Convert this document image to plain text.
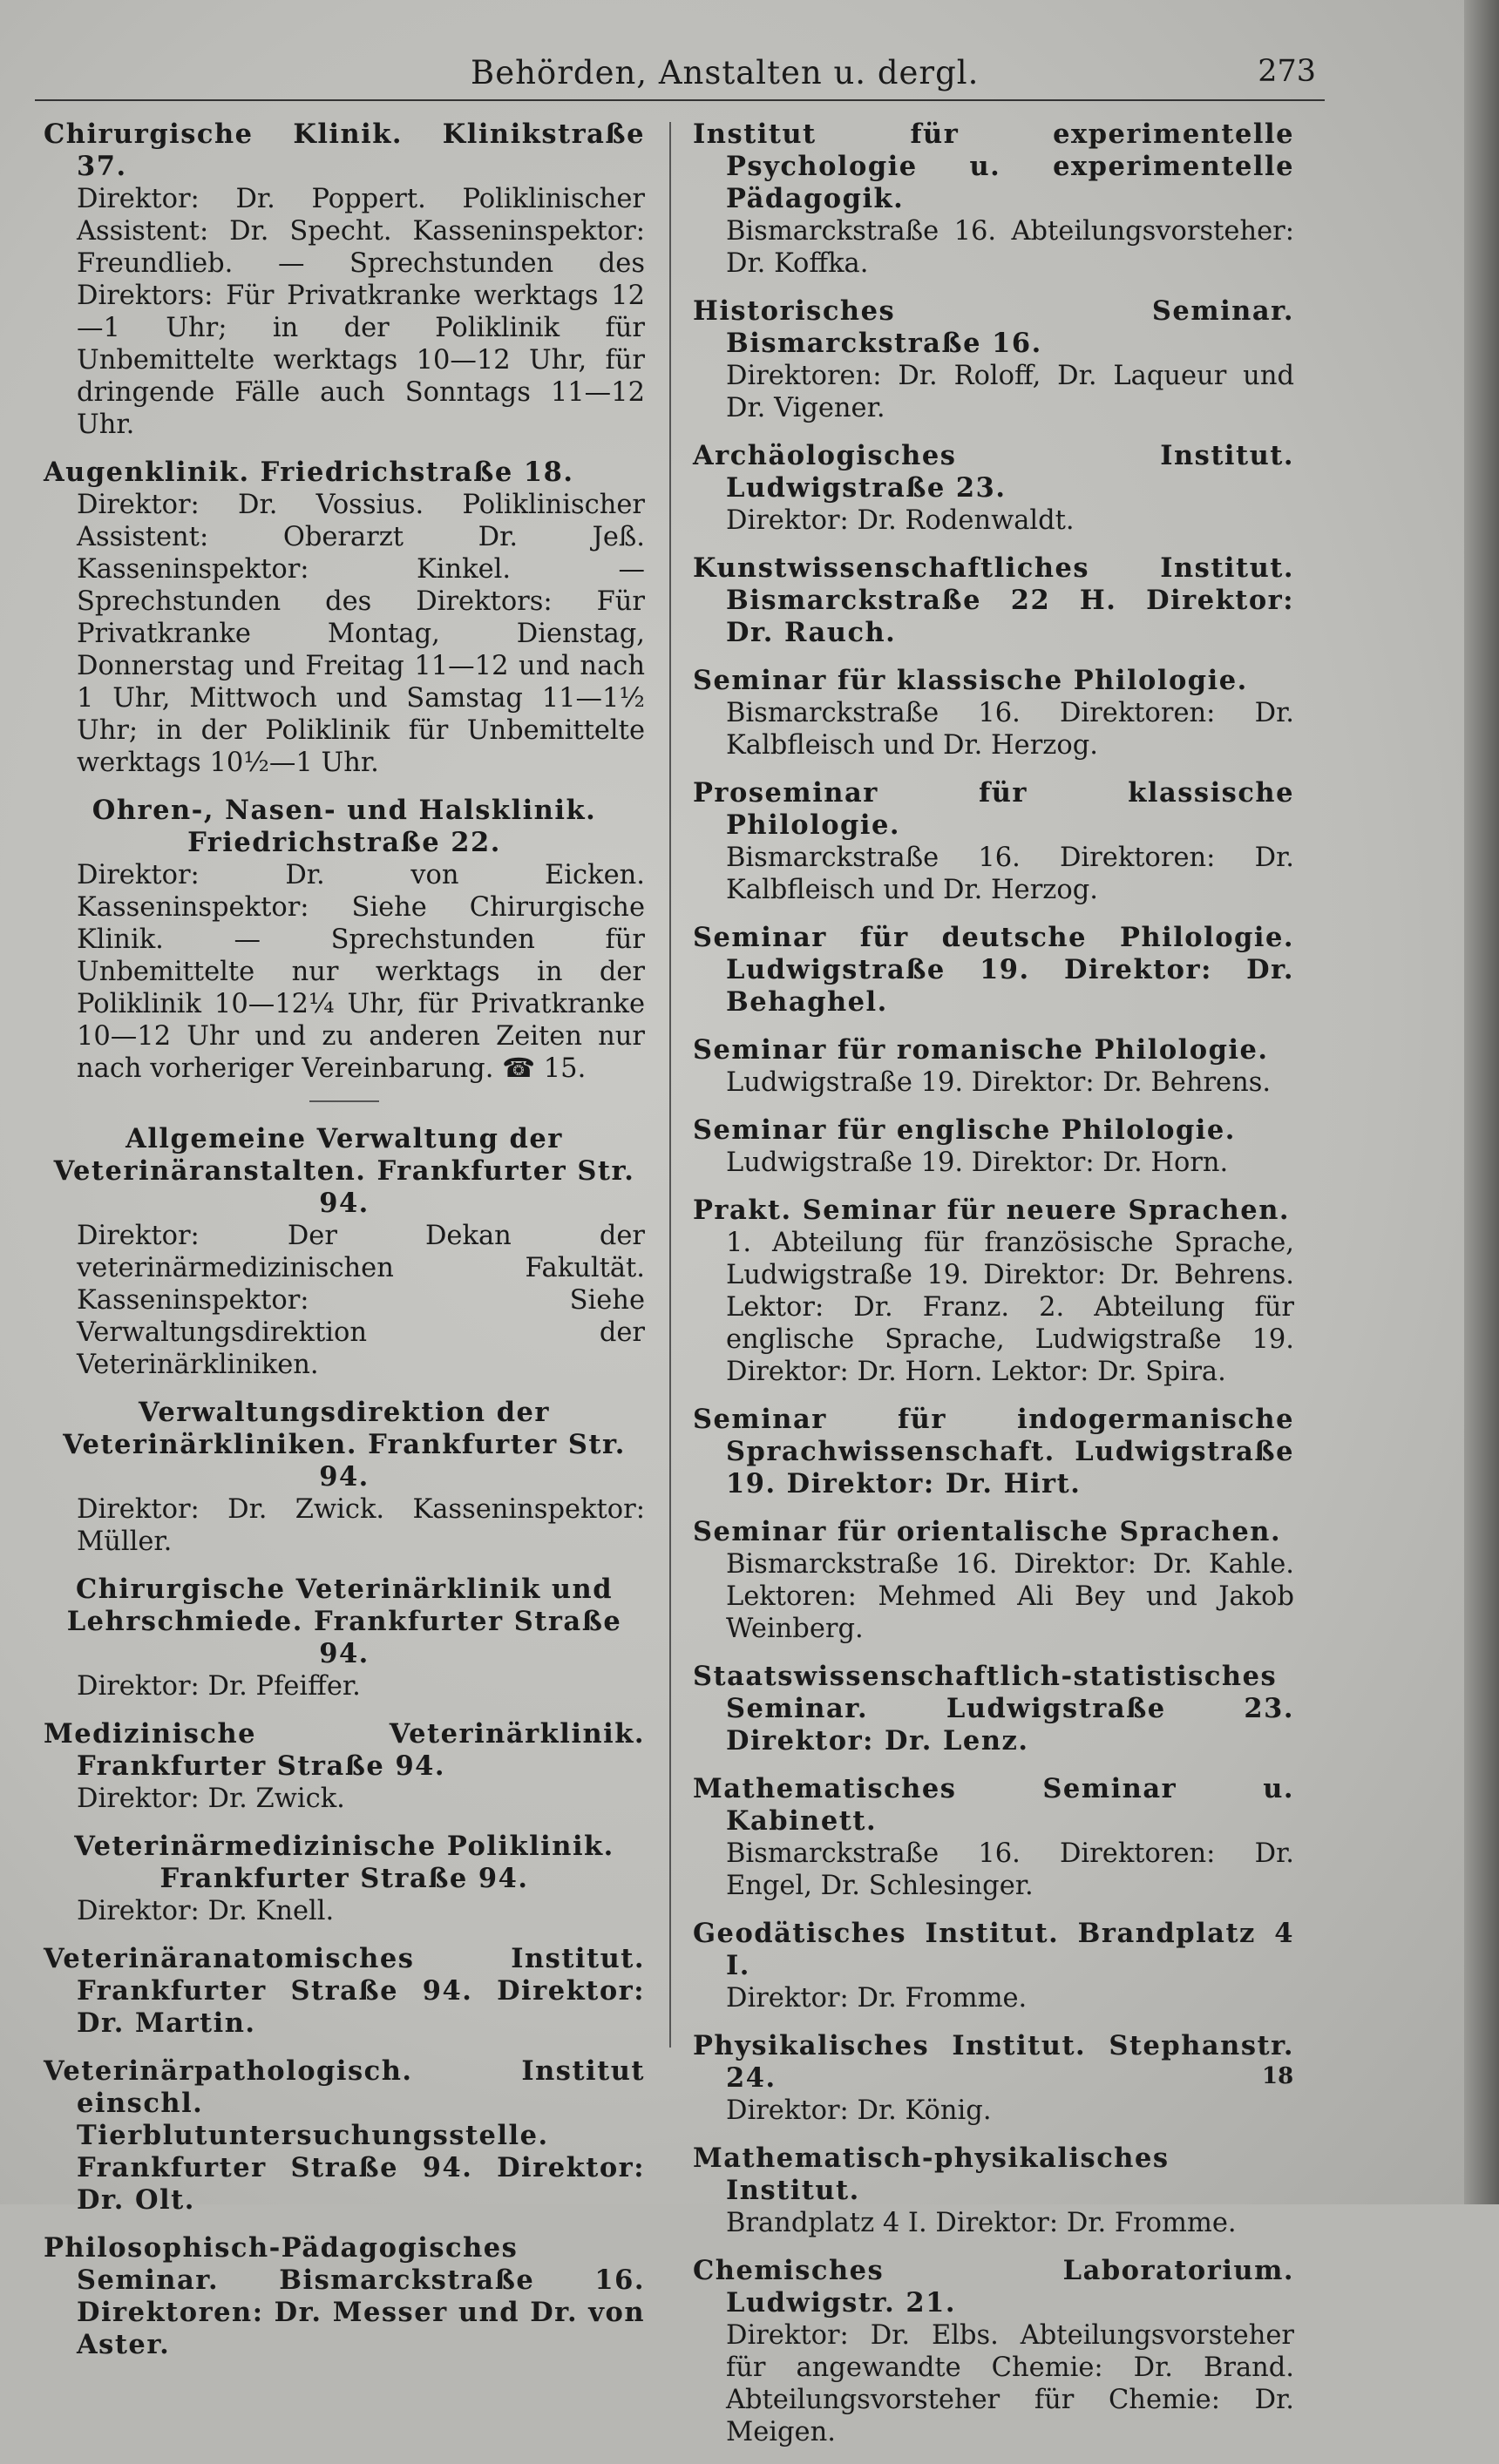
Behörden, Anstalten u. dergl.	273
Chirurgische Klinik. Klinikstraße 37.
Direktor: Dr. Poppert. Poliklinischer Assistent: Dr. Specht. Kasseninspektor: Freundlieb. — Sprechstunden des Direktors: Für Privatkranke werktags 12—1 Uhr; in der Poliklinik für Unbemittelte werktags 10—12 Uhr, für dringende Fälle auch Sonntags 11—12 Uhr.
Augenklinik. Friedrichstraße 18.
Direktor: Dr. Vossius. Poliklinischer Assistent: Oberarzt Dr. Jeß. Kasseninspektor: Kinkel. — Sprechstunden des Direktors: Für Privatkranke Montag, Dienstag, Donnerstag und Freitag 11—12 und nach 1 Uhr, Mittwoch und Samstag 11—1½ Uhr; in der Poliklinik für Unbemittelte werktags 10½—1 Uhr.
Ohren-, Nasen- und Halsklinik. Friedrichstraße 22.
Direktor: Dr. von Eicken. Kasseninspektor: Siehe Chirurgische Klinik. — Sprechstunden für Unbemittelte nur werktags in der Poliklinik 10—12¼ Uhr, für Privatkranke 10—12 Uhr und zu anderen Zeiten nur nach vorheriger Vereinbarung. ☎ 15.
Allgemeine Verwaltung der Veterinäranstalten. Frankfurter Str. 94.
Direktor: Der Dekan der veterinärmedizinischen Fakultät. Kasseninspektor: Siehe Verwaltungsdirektion der Veterinärkliniken.
Verwaltungsdirektion der Veterinärkliniken. Frankfurter Str. 94.
Direktor: Dr. Zwick. Kasseninspektor: Müller.
Chirurgische Veterinärklinik und Lehrschmiede. Frankfurter Straße 94.
Direktor: Dr. Pfeiffer.
Medizinische Veterinärklinik. Frankfurter Straße 94.
Direktor: Dr. Zwick.
Veterinärmedizinische Poliklinik. Frankfurter Straße 94.
Direktor: Dr. Knell.
Veterinäranatomisches Institut. Frankfurter Straße 94. Direktor: Dr. Martin.
Veterinärpathologisch. Institut einschl. Tierblutuntersuchungsstelle. Frankfurter Straße 94. Direktor: Dr. Olt.
Philosophisch-Pädagogisches Seminar. Bismarckstraße 16. Direktoren: Dr. Messer und Dr. von Aster.
Institut für experimentelle Psychologie u. experimentelle Pädagogik.
Bismarckstraße 16. Abteilungsvorsteher: Dr. Koffka.
Historisches Seminar. Bismarckstraße 16.
Direktoren: Dr. Roloff, Dr. Laqueur und Dr. Vigener.
Archäologisches Institut. Ludwigstraße 23.
Direktor: Dr. Rodenwaldt.
Kunstwissenschaftliches Institut. Bismarckstraße 22 H. Direktor: Dr. Rauch.
Seminar für klassische Philologie.
Bismarckstraße 16. Direktoren: Dr. Kalbfleisch und Dr. Herzog.
Proseminar für klassische Philologie.
Bismarckstraße 16. Direktoren: Dr. Kalbfleisch und Dr. Herzog.
Seminar für deutsche Philologie. Ludwigstraße 19. Direktor: Dr. Behaghel.
Seminar für romanische Philologie.
Ludwigstraße 19. Direktor: Dr. Behrens.
Seminar für englische Philologie.
Ludwigstraße 19. Direktor: Dr. Horn.
Prakt. Seminar für neuere Sprachen.
1. Abteilung für französische Sprache, Ludwigstraße 19. Direktor: Dr. Behrens. Lektor: Dr. Franz. 2. Abteilung für englische Sprache, Ludwigstraße 19. Direktor: Dr. Horn. Lektor: Dr. Spira.
Seminar für indogermanische Sprachwissenschaft. Ludwigstraße 19. Direktor: Dr. Hirt.
Seminar für orientalische Sprachen.
Bismarckstraße 16. Direktor: Dr. Kahle. Lektoren: Mehmed Ali Bey und Jakob Weinberg.
Staatswissenschaftlich-statistisches Seminar. Ludwigstraße 23. Direktor: Dr. Lenz.
Mathematisches Seminar u. Kabinett.
Bismarckstraße 16. Direktoren: Dr. Engel, Dr. Schlesinger.
Geodätisches Institut. Brandplatz 4 I.
Direktor: Dr. Fromme.
Physikalisches Institut. Stephanstr. 24.
Direktor: Dr. König.
Mathematisch-physikalisches Institut.
Brandplatz 4 I. Direktor: Dr. Fromme.
Chemisches Laboratorium. Ludwigstr. 21.
Direktor: Dr. Elbs. Abteilungsvorsteher für angewandte Chemie: Dr. Brand. Abteilungsvorsteher für Chemie: Dr. Meigen.
18
